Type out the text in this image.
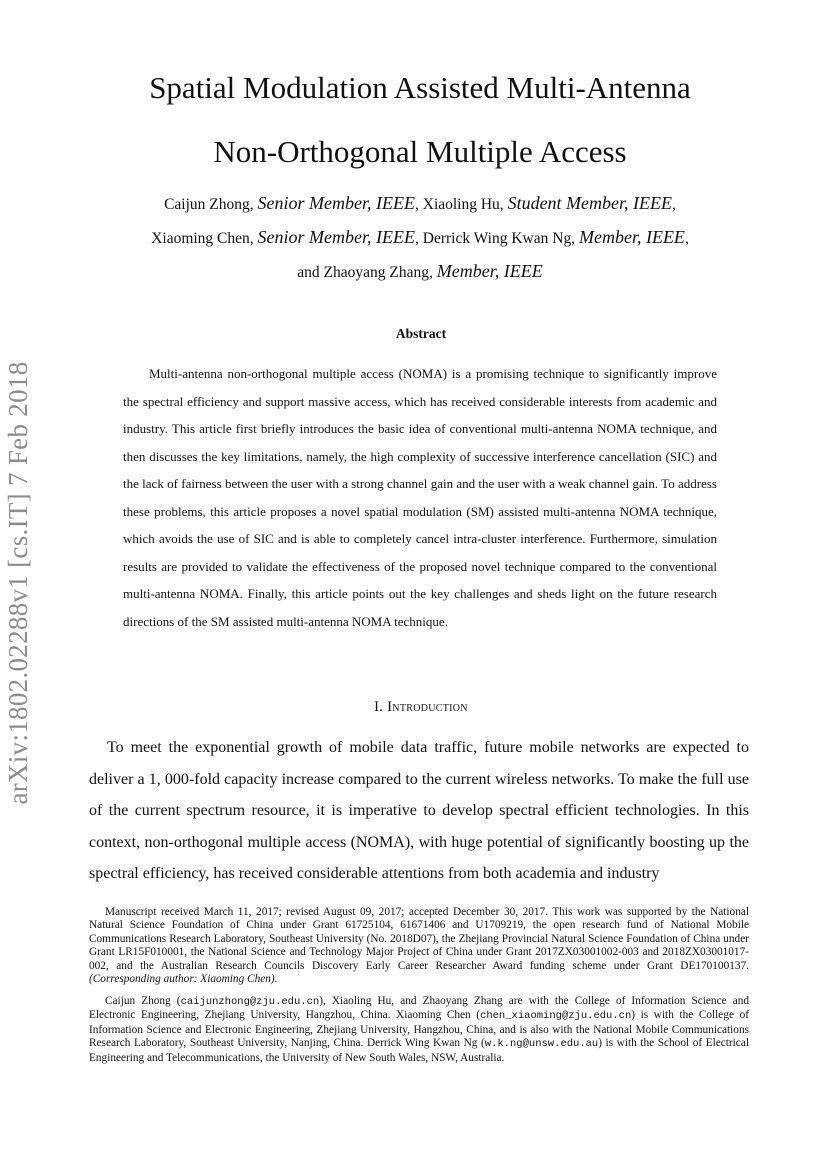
arXiv:1802.02288v1 [cs.IT] 7 Feb 2018
Spatial Modulation Assisted Multi-Antenna
Non-Orthogonal Multiple Access
Caijun Zhong, Senior Member, IEEE, Xiaoling Hu, Student Member, IEEE,
Xiaoming Chen, Senior Member, IEEE, Derrick Wing Kwan Ng, Member, IEEE,
and Zhaoyang Zhang, Member, IEEE
Abstract
Multi-antenna non-orthogonal multiple access (NOMA) is a promising technique to significantly improve the spectral efficiency and support massive access, which has received considerable interests from academic and industry. This article first briefly introduces the basic idea of conventional multi-antenna NOMA technique, and then discusses the key limitations, namely, the high complexity of successive interference cancellation (SIC) and the lack of fairness between the user with a strong channel gain and the user with a weak channel gain. To address these problems, this article proposes a novel spatial modulation (SM) assisted multi-antenna NOMA technique, which avoids the use of SIC and is able to completely cancel intra-cluster interference. Furthermore, simulation results are provided to validate the effectiveness of the proposed novel technique compared to the conventional multi-antenna NOMA. Finally, this article points out the key challenges and sheds light on the future research directions of the SM assisted multi-antenna NOMA technique.
I. Introduction
To meet the exponential growth of mobile data traffic, future mobile networks are expected to deliver a 1, 000-fold capacity increase compared to the current wireless networks. To make the full use of the current spectrum resource, it is imperative to develop spectral efficient technologies. In this context, non-orthogonal multiple access (NOMA), with huge potential of significantly boosting up the spectral efficiency, has received considerable attentions from both academia and industry
Manuscript received March 11, 2017; revised August 09, 2017; accepted December 30, 2017. This work was supported by the National Natural Science Foundation of China under Grant 61725104, 61671406 and U1709219, the open research fund of National Mobile Communications Research Laboratory, Southeast University (No. 2018D07), the Zhejiang Provincial Natural Science Foundation of China under Grant LR15F010001, the National Science and Technology Major Project of China under Grant 2017ZX03001002-003 and 2018ZX03001017-002, and the Australian Research Councils Discovery Early Career Researcher Award funding scheme under Grant DE170100137. (Corresponding author: Xiaoming Chen).
Caijun Zhong (caijunzhong@zju.edu.cn), Xiaoling Hu, and Zhaoyang Zhang are with the College of Information Science and Electronic Engineering, Zhejiang University, Hangzhou, China. Xiaoming Chen (chen_xiaoming@zju.edu.cn) is with the College of Information Science and Electronic Engineering, Zhejiang University, Hangzhou, China, and is also with the National Mobile Communications Research Laboratory, Southeast University, Nanjing, China. Derrick Wing Kwan Ng (w.k.ng@unsw.edu.au) is with the School of Electrical Engineering and Telecommunications, the University of New South Wales, NSW, Australia.
